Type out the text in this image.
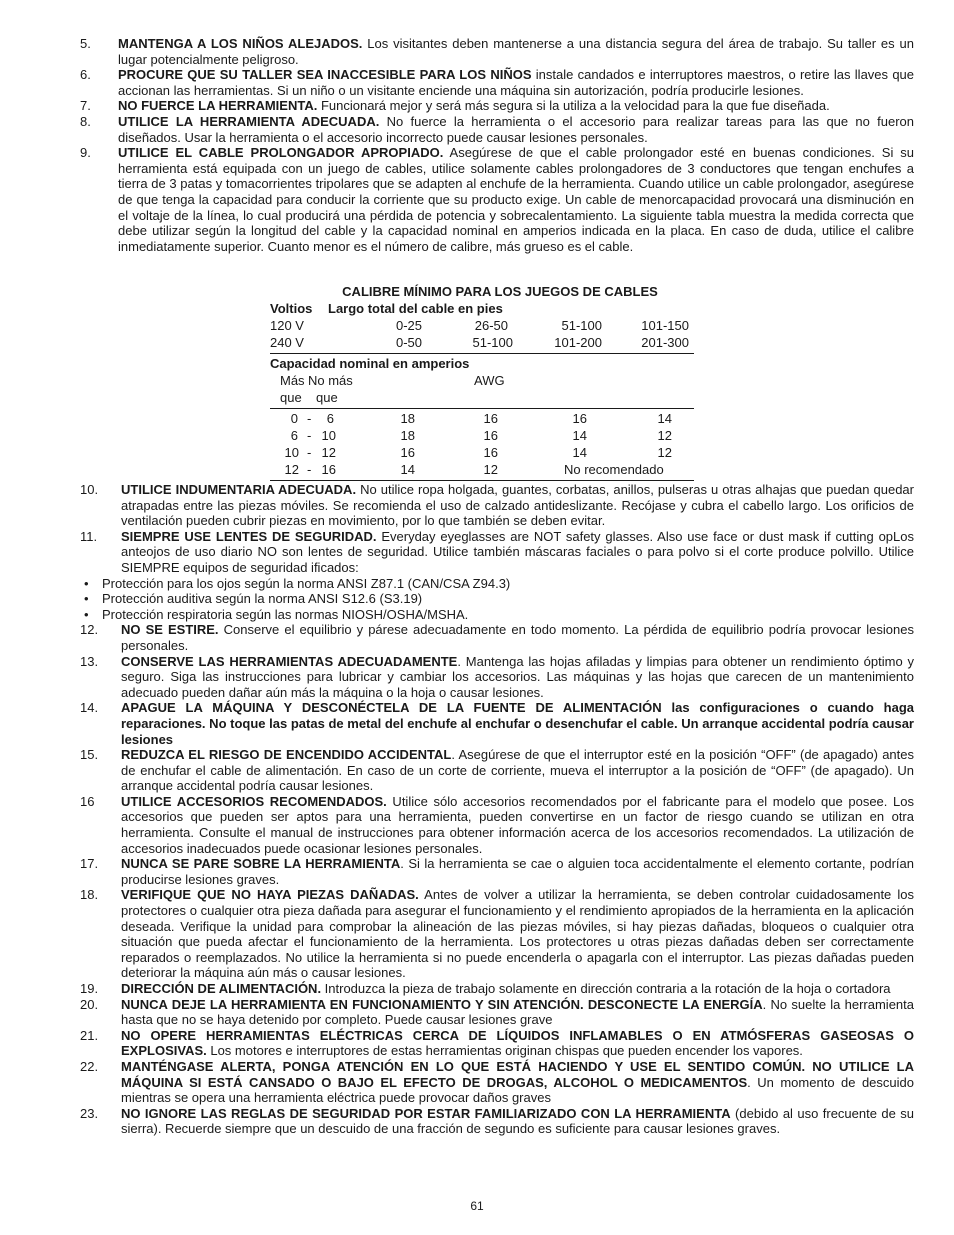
5. MANTENGA A LOS NIÑOS ALEJADOS. Los visitantes deben mantenerse a una distancia segura del área de trabajo. Su taller es un lugar potencialmente peligroso.
6. PROCURE QUE SU TALLER SEA INACCESIBLE PARA LOS NIÑOS instale candados e interruptores maestros, o retire las llaves que accionan las herramientas. Si un niño o un visitante enciende una máquina sin autorización, podría producirle lesiones.
7. NO FUERCE LA HERRAMIENTA. Funcionará mejor y será más segura si la utiliza a la velocidad para la que fue diseñada.
8. UTILICE LA HERRAMIENTA ADECUADA. No fuerce la herramienta o el accesorio para realizar tareas para las que no fueron diseñados. Usar la herramienta o el accesorio incorrecto puede causar lesiones personales.
9. UTILICE EL CABLE PROLONGADOR APROPIADO. Asegúrese de que el cable prolongador esté en buenas condiciones. Si su herramienta está equipada con un juego de cables, utilice solamente cables prolongadores de 3 conductores que tengan enchufes a tierra de 3 patas y tomacorrientes tripolares que se adapten al enchufe de la herramienta. Cuando utilice un cable prolongador, asegúrese de que tenga la capacidad para conducir la corriente que su producto exige. Un cable de menorcapacidad provocará una disminución en el voltaje de la línea, lo cual producirá una pérdida de potencia y sobrecalentamiento. La siguiente tabla muestra la medida correcta que debe utilizar según la longitud del cable y la capacidad nominal en amperios indicada en la placa. En caso de duda, utilice el calibre inmediatamente superior. Cuanto menor es el número de calibre, más grueso es el cable.
CALIBRE MÍNIMO PARA LOS JUEGOS DE CABLES
Voltios Largo total del cable en pies
120 V	0-25	26-50	51-100	101-150
240 V	0-50	51-100	101-200	201-300
Capacidad nominal en amperios
Más No más	AWG
que que
0 -	6	18	16	16	14
6 - 10	18	16	14	12
10 - 12	16	16	14	12
12 - 16	14	12	No recomendado
10. UTILICE INDUMENTARIA ADECUADA. No utilice ropa holgada, guantes, corbatas, anillos, pulseras u otras alhajas que puedan quedar atrapadas entre las piezas móviles. Se recomienda el uso de calzado antideslizante. Recójase y cubra el cabello largo. Los orificios de ventilación pueden cubrir piezas en movimiento, por lo que también se deben evitar.
11. SIEMPRE USE LENTES DE SEGURIDAD. Everyday eyeglasses are NOT safety glasses. Also use face or dust mask if cutting opLos anteojos de uso diario NO son lentes de seguridad. Utilice también máscaras faciales o para polvo si el corte produce polvillo. Utilice SIEMPRE equipos de seguridad ificados:
• Protección para los ojos según la norma ANSI Z87.1 (CAN/CSA Z94.3)
• Protección auditiva según la norma ANSI S12.6 (S3.19)
• Protección respiratoria según las normas NIOSH/OSHA/MSHA.
12. NO SE ESTIRE. Conserve el equilibrio y párese adecuadamente en todo momento. La pérdida de equilibrio podría provocar lesiones personales.
13. CONSERVE LAS HERRAMIENTAS ADECUADAMENTE. Mantenga las hojas afiladas y limpias para obtener un rendimiento óptimo y seguro. Siga las instrucciones para lubricar y cambiar los accesorios. Las máquinas y las hojas que carecen de un mantenimiento adecuado pueden dañar aún más la máquina o la hoja o causar lesiones.
14. APAGUE LA MÁQUINA Y DESCONÉCTELA DE LA FUENTE DE ALIMENTACIÓN las configuraciones o cuando haga reparaciones. No toque las patas de metal del enchufe al enchufar o desenchufar el cable. Un arranque accidental podría causar lesiones
15. REDUZCA EL RIESGO DE ENCENDIDO ACCIDENTAL. Asegúrese de que el interruptor esté en la posición “OFF” (de apagado) antes de enchufar el cable de alimentación. En caso de un corte de corriente, mueva el interruptor a la posición de “OFF” (de apagado). Un arranque accidental podría causar lesiones.
16 UTILICE ACCESORIOS RECOMENDADOS. Utilice sólo accesorios recomendados por el fabricante para el modelo que posee. Los accesorios que pueden ser aptos para una herramienta, pueden convertirse en un factor de riesgo cuando se utilizan en otra herramienta. Consulte el manual de instrucciones para obtener información acerca de los accesorios recomendados. La utilización de accesorios inadecuados puede ocasionar lesiones personales.
17. NUNCA SE PARE SOBRE LA HERRAMIENTA. Si la herramienta se cae o alguien toca accidentalmente el elemento cortante, podrían producirse lesiones graves.
18. VERIFIQUE QUE NO HAYA PIEZAS DAÑADAS. Antes de volver a utilizar la herramienta, se deben controlar cuidadosamente los protectores o cualquier otra pieza dañada para asegurar el funcionamiento y el rendimiento apropiados de la herramienta en la aplicación deseada. Verifique la unidad para comprobar la alineación de las piezas móviles, si hay piezas dañadas, bloqueos o cualquier otra situación que pueda afectar el funcionamiento de la herramienta. Los protectores u otras piezas dañadas deben ser correctamente reparados o reemplazados. No utilice la herramienta si no puede encenderla o apagarla con el interruptor. Las piezas dañadas pueden deteriorar la máquina aún más o causar lesiones.
19. DIRECCIÓN DE ALIMENTACIÓN. Introduzca la pieza de trabajo solamente en dirección contraria a la rotación de la hoja o cortadora
20. NUNCA DEJE LA HERRAMIENTA EN FUNCIONAMIENTO Y SIN ATENCIÓN. DESCONECTE LA ENERGÍA. No suelte la herramienta hasta que no se haya detenido por completo. Puede causar lesiones grave
21. NO OPERE HERRAMIENTAS ELÉCTRICAS CERCA DE LÍQUIDOS INFLAMABLES O EN ATMÓSFERAS GASEOSAS O EXPLOSIVAS. Los motores e interruptores de estas herramientas originan chispas que pueden encender los vapores.
22. MANTÉNGASE ALERTA, PONGA ATENCIÓN EN LO QUE ESTÁ HACIENDO Y USE EL SENTIDO COMÚN. NO UTILICE LA MÁQUINA SI ESTÁ CANSADO O BAJO EL EFECTO DE DROGAS, ALCOHOL O MEDICAMENTOS. Un momento de descuido mientras se opera una herramienta eléctrica puede provocar daños graves
23. NO IGNORE LAS REGLAS DE SEGURIDAD POR ESTAR FAMILIARIZADO CON LA HERRAMIENTA (debido al uso frecuente de su sierra). Recuerde siempre que un descuido de una fracción de segundo es suficiente para causar lesiones graves.
61
